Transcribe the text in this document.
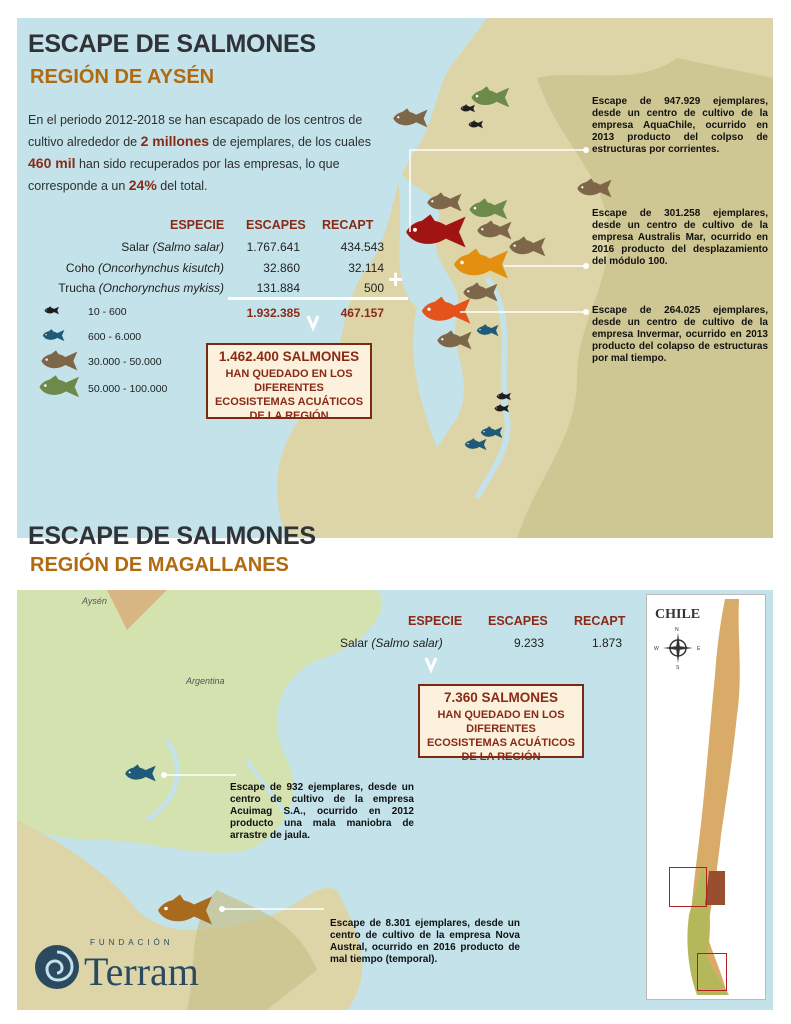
ESCAPE DE SALMONES
REGIÓN DE AYSÉN
En el periodo 2012-2018 se han escapado de los centros de cultivo alrededor de 2 millones de ejemplares, de los cuales 460 mil han sido recuperados por las empresas, lo que corresponde a un 24% del total.
ESPECIE ESCAPES RECAPT
Salar (Salmo salar)	1.767.641	434.543
Coho (Oncorhynchus kisutch)	32.860	32.114
Trucha (Onchorynchus mykiss)	131.884	500 +
1.932.385	467.157
10 - 600
600 - 6.000
30.000 - 50.000
50.000 - 100.000
1.462.400 SALMONES
HAN QUEDADO EN LOS DIFERENTES ECOSISTEMAS ACUÁTICOS DE LA REGIÓN
Escape de 947.929 ejemplares, desde un centro de cultivo de la empresa AquaChile, ocurrido en 2013 producto del colpso de estructuras por corrientes.
Escape de 301.258 ejemplares, desde un centro de cultivo de la empresa Australis Mar, ocurrido en 2016 producto del desplazamiento del módulo 100.
Escape de 264.025 ejemplares, desde un centro de cultivo de la empresa Invermar, ocurrido en 2013 producto del colapso de estructuras por mal tiempo.
ESCAPE DE SALMONES
REGIÓN DE MAGALLANES
Aysén
Argentina
ESPECIE ESCAPES RECAPT
Salar (Salmo salar)	9.233	1.873
7.360 SALMONES
HAN QUEDADO EN LOS DIFERENTES ECOSISTEMAS ACUÁTICOS DE LA REGIÓN
Escape de 932 ejemplares, desde un centro de cultivo de la empresa Acuimag S.A., ocurrido en 2012 producto una mala maniobra de arrastre de jaula.
Escape de 8.301 ejemplares, desde un centro de cultivo de la empresa Nova Austral, ocurrido en 2016 producto de mal tiempo (temporal).
CHILE
N
E
S
W
FUNDACIÓN
Terram
